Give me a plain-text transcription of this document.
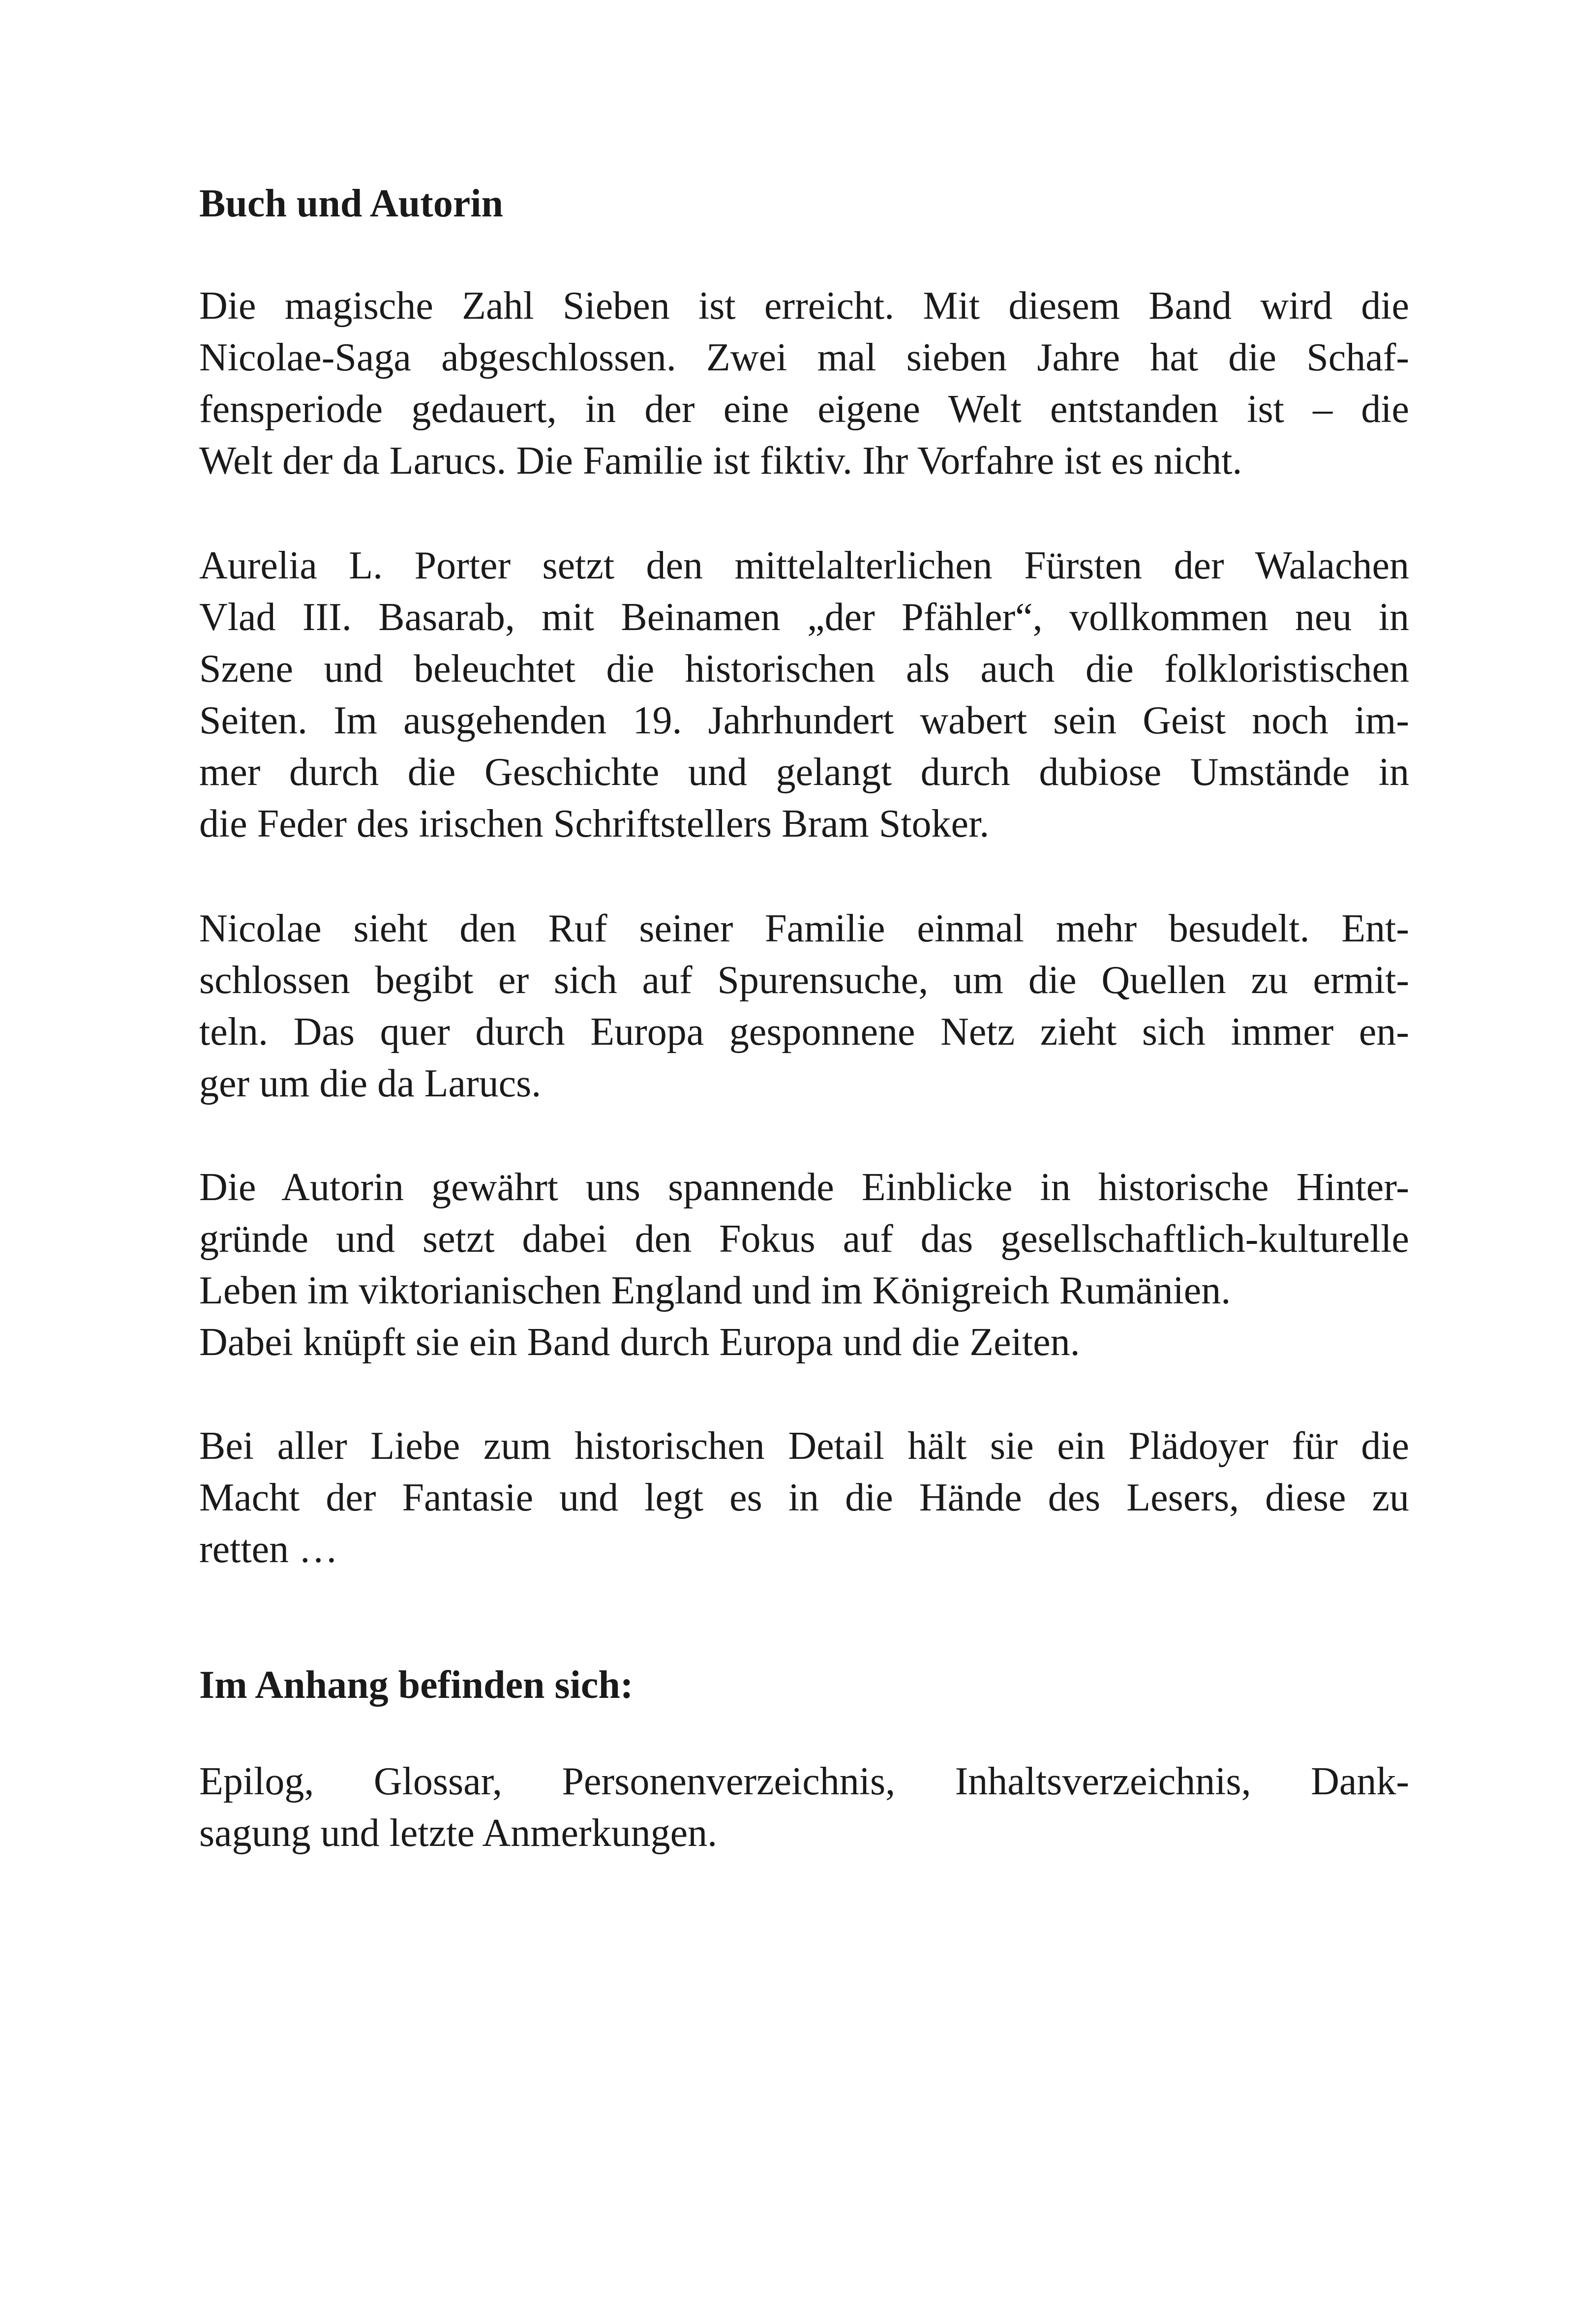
Buch und Autorin
Die magische Zahl Sieben ist erreicht. Mit diesem Band wird die
Nicolae-Saga abgeschlossen. Zwei mal sieben Jahre hat die Schaf-
fensperiode gedauert, in der eine eigene Welt entstanden ist – die
Welt der da Larucs. Die Familie ist fiktiv. Ihr Vorfahre ist es nicht.
Aurelia L. Porter setzt den mittelalterlichen Fürsten der Walachen
Vlad III. Basarab, mit Beinamen „der Pfähler“, vollkommen neu in
Szene und beleuchtet die historischen als auch die folkloristischen
Seiten. Im ausgehenden 19. Jahrhundert wabert sein Geist noch im-
mer durch die Geschichte und gelangt durch dubiose Umstände in
die Feder des irischen Schriftstellers Bram Stoker.
Nicolae sieht den Ruf seiner Familie einmal mehr besudelt. Ent-
schlossen begibt er sich auf Spurensuche, um die Quellen zu ermit-
teln. Das quer durch Europa gesponnene Netz zieht sich immer en-
ger um die da Larucs.
Die Autorin gewährt uns spannende Einblicke in historische Hinter-
gründe und setzt dabei den Fokus auf das gesellschaftlich-kulturelle
Leben im viktorianischen England und im Königreich Rumänien.
Dabei knüpft sie ein Band durch Europa und die Zeiten.
Bei aller Liebe zum historischen Detail hält sie ein Plädoyer für die
Macht der Fantasie und legt es in die Hände des Lesers, diese zu
retten …
Im Anhang befinden sich:
Epilog, Glossar, Personenverzeichnis, Inhaltsverzeichnis, Dank-
sagung und letzte Anmerkungen.
